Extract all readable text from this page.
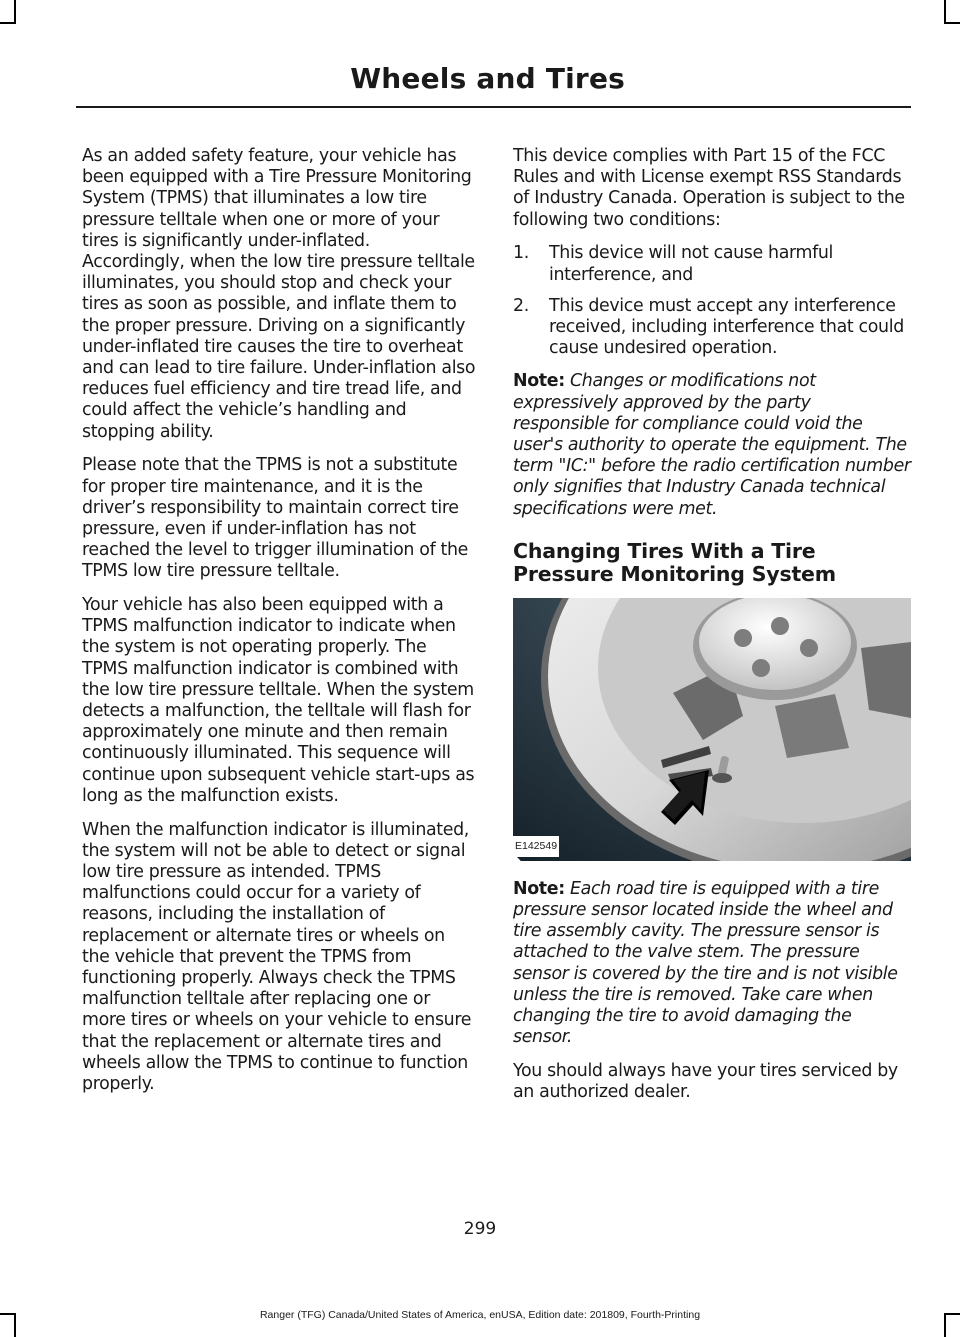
Wheels and Tires

As an added safety feature, your vehicle has been equipped with a Tire Pressure Monitoring System (TPMS) that illuminates a low tire pressure telltale when one or more of your tires is significantly under-inflated. Accordingly, when the low tire pressure telltale illuminates, you should stop and check your tires as soon as possible, and inflate them to the proper pressure. Driving on a significantly under-inflated tire causes the tire to overheat and can lead to tire failure. Under-inflation also reduces fuel efficiency and tire tread life, and could affect the vehicle’s handling and stopping ability.

Please note that the TPMS is not a substitute for proper tire maintenance, and it is the driver’s responsibility to maintain correct tire pressure, even if under-inflation has not reached the level to trigger illumination of the TPMS low tire pressure telltale.

Your vehicle has also been equipped with a TPMS malfunction indicator to indicate when the system is not operating properly. The TPMS malfunction indicator is combined with the low tire pressure telltale. When the system detects a malfunction, the telltale will flash for approximately one minute and then remain continuously illuminated. This sequence will continue upon subsequent vehicle start-ups as long as the malfunction exists.

When the malfunction indicator is illuminated, the system will not be able to detect or signal low tire pressure as intended. TPMS malfunctions could occur for a variety of reasons, including the installation of replacement or alternate tires or wheels on the vehicle that prevent the TPMS from functioning properly. Always check the TPMS malfunction telltale after replacing one or more tires or wheels on your vehicle to ensure that the replacement or alternate tires and wheels allow the TPMS to continue to function properly.

This device complies with Part 15 of the FCC Rules and with License exempt RSS Standards of Industry Canada. Operation is subject to the following two conditions:

1. This device will not cause harmful interference, and
2. This device must accept any interference received, including interference that could cause undesired operation.

Note: Changes or modifications not expressively approved by the party responsible for compliance could void the user's authority to operate the equipment. The term "IC:" before the radio certification number only signifies that Industry Canada technical specifications were met.

Changing Tires With a Tire Pressure Monitoring System
E142549

Note: Each road tire is equipped with a tire pressure sensor located inside the wheel and tire assembly cavity. The pressure sensor is attached to the valve stem. The pressure sensor is covered by the tire and is not visible unless the tire is removed. Take care when changing the tire to avoid damaging the sensor.

You should always have your tires serviced by an authorized dealer.

299
Ranger (TFG) Canada/United States of America, enUSA, Edition date: 201809, Fourth-Printing
